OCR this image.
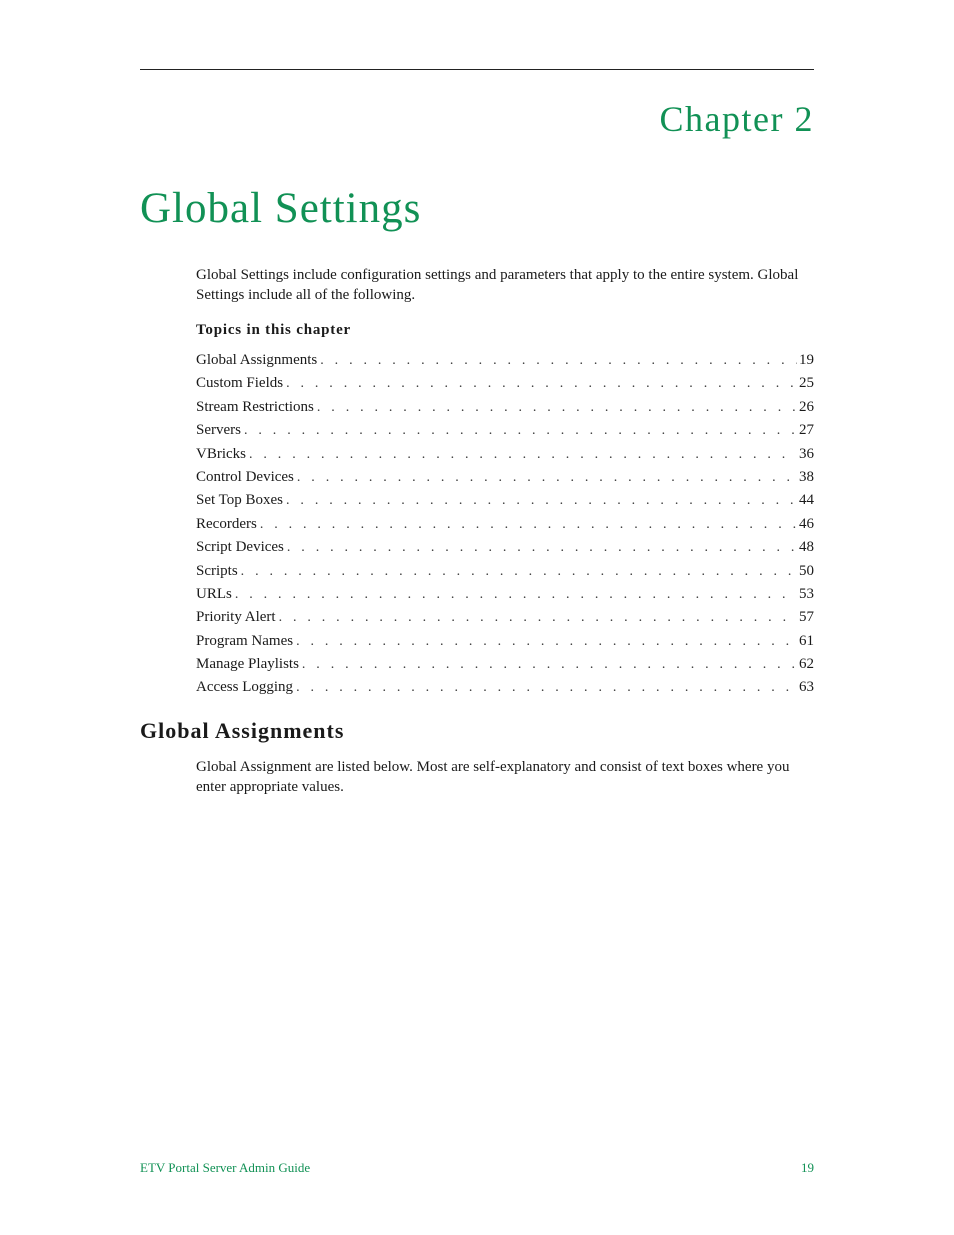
Chapter 2
Global Settings

Global Settings include configuration settings and parameters that apply to the entire system. Global Settings include all of the following.

Topics in this chapter
Global Assignments . . .	19
Custom Fields . . .	25
Stream Restrictions . . .	26
Servers . . .	27
VBricks . . .	36
Control Devices . . .	38
Set Top Boxes . . .	44
Recorders . . .	46
Script Devices . . .	48
Scripts . . .	50
URLs . . .	53
Priority Alert . . .	57
Program Names . . .	61
Manage Playlists . . .	62
Access Logging . . .	63
Global Assignments

Global Assignment are listed below. Most are self-explanatory and consist of text boxes where you enter appropriate values.

ETV Portal Server Admin Guide	19
